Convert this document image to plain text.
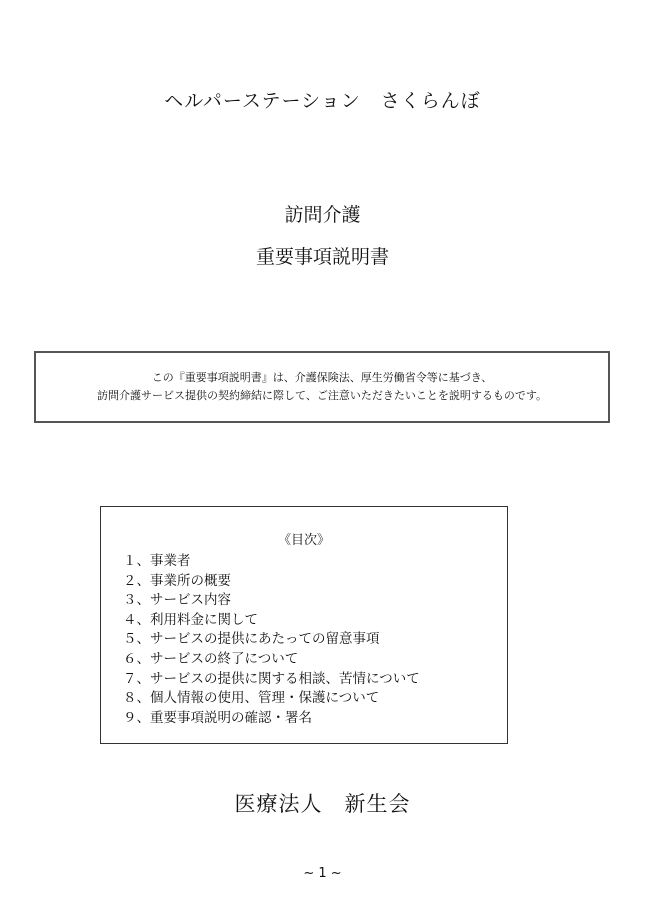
ヘルパーステーション　さくらんぼ
訪問介護
重要事項説明書
この『重要事項説明書』は、介護保険法、厚生労働省令等に基づき、
訪問介護サービス提供の契約締結に際して、ご注意いただきたいことを説明するものです。
《目次》
１、事業者
２、事業所の概要
３、サービス内容
４、利用料金に関して
５、サービスの提供にあたっての留意事項
６、サービスの終了について
７、サービスの提供に関する相談、苦情について
８、個人情報の使用、管理・保護について
９、重要事項説明の確認・署名
医療法人　新生会
~ 1 ~
